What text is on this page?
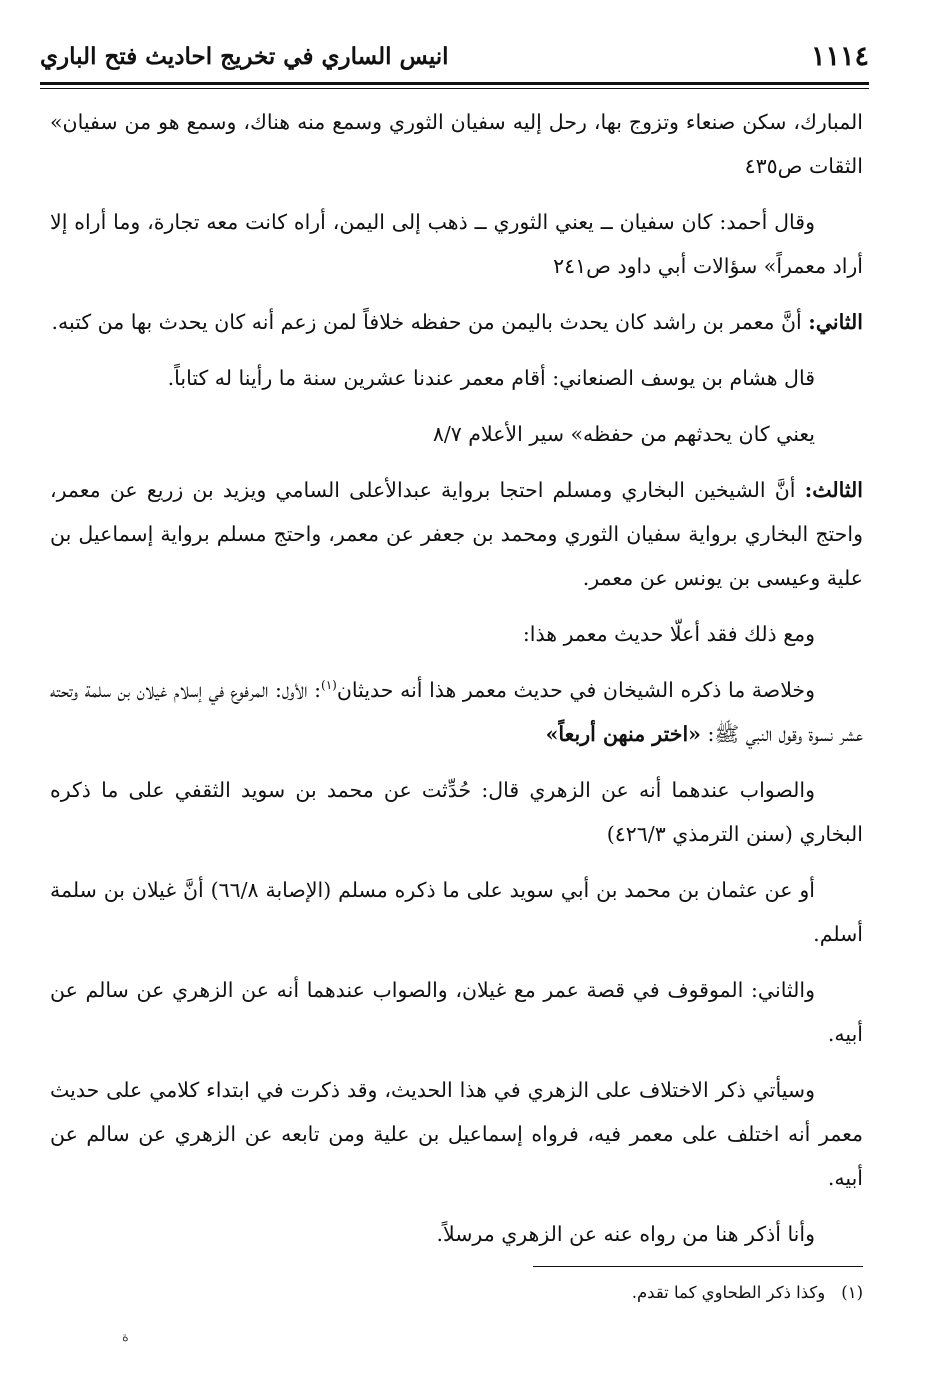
١١١٤
انيس الساري في تخريج احاديث فتح الباري

المبارك، سكن صنعاء وتزوج بها، رحل إليه سفيان الثوري وسمع منه هناك، وسمع هو من سفيان» الثقات ص٤٣٥

وقال أحمد: كان سفيان ــ يعني الثوري ــ ذهب إلى اليمن، أراه كانت معه تجارة، وما أراه إلا أراد معمراً» سؤالات أبي داود ص٢٤١

الثاني: أنَّ معمر بن راشد كان يحدث باليمن من حفظه خلافاً لمن زعم أنه كان يحدث بها من كتبه.

قال هشام بن يوسف الصنعاني: أقام معمر عندنا عشرين سنة ما رأينا له كتاباً.

يعني كان يحدثهم من حفظه» سير الأعلام ٨/٧

الثالث: أنَّ الشيخين البخاري ومسلم احتجا برواية عبدالأعلى السامي ويزيد بن زريع عن معمر، واحتج البخاري برواية سفيان الثوري ومحمد بن جعفر عن معمر، واحتج مسلم برواية إسماعيل بن علية وعيسى بن يونس عن معمر.

ومع ذلك فقد أعلّا حديث معمر هذا:

وخلاصة ما ذكره الشيخان في حديث معمر هذا أنه حديثان$^{(١)}$: الأول: المرفوع في إسلام غيلان بن سلمة وتحته عشر نسوة وقول النبي ﷺ: «اختر منهن أربعاً»

والصواب عندهما أنه عن الزهري قال: حُدِّثت عن محمد بن سويد الثقفي على ما ذكره البخاري (سنن الترمذي ٤٢٦/٣)

أو عن عثمان بن محمد بن أبي سويد على ما ذكره مسلم (الإصابة ٦٦/٨) أنَّ غيلان بن سلمة أسلم.

والثاني: الموقوف في قصة عمر مع غيلان، والصواب عندهما أنه عن الزهري عن سالم عن أبيه.

وسيأتي ذكر الاختلاف على الزهري في هذا الحديث، وقد ذكرت في ابتداء كلامي على حديث معمر أنه اختلف على معمر فيه، فرواه إسماعيل بن علية ومن تابعه عن الزهري عن سالم عن أبيه.

وأنا أذكر هنا من رواه عنه عن الزهري مرسلاً.

(١)وكذا ذكر الطحاوي كما تقدم.
ة
